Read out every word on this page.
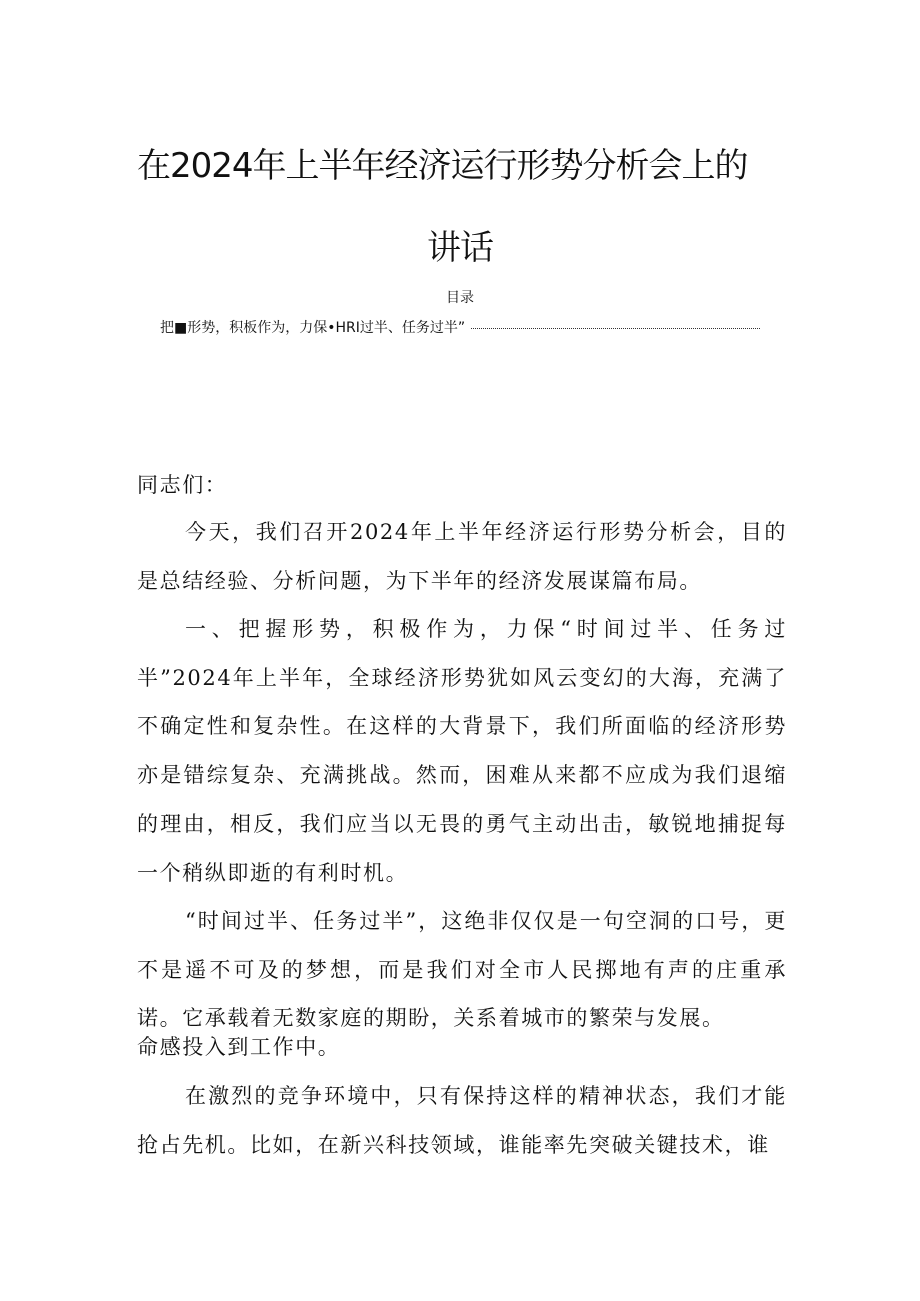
在2024年上半年经济运行形势分析会上的
讲话
目录
把■形势，积板作为，力保•HRI过半、任务过半”

同志们：

今天，我们召开2024年上半年经济运行形势分析会，目的是总结经验、分析问题，为下半年的经济发展谋篇布局。

一、把握形势，积极作为，力保“时间过半、任务过半”2024年上半年，全球经济形势犹如风云变幻的大海，充满了不确定性和复杂性。在这样的大背景下，我们所面临的经济形势亦是错综复杂、充满挑战。然而，困难从来都不应成为我们退缩的理由，相反，我们应当以无畏的勇气主动出击，敏锐地捕捉每一个稍纵即逝的有利时机。

“时间过半、任务过半”，这绝非仅仅是一句空洞的口号，更不是遥不可及的梦想，而是我们对全市人民掷地有声的庄重承诺。它承载着无数家庭的期盼，关系着城市的繁荣与发展。

命感投入到工作中。

在激烈的竞争环境中，只有保持这样的精神状态，我们才能抢占先机。比如，在新兴科技领域，谁能率先突破关键技术，谁
